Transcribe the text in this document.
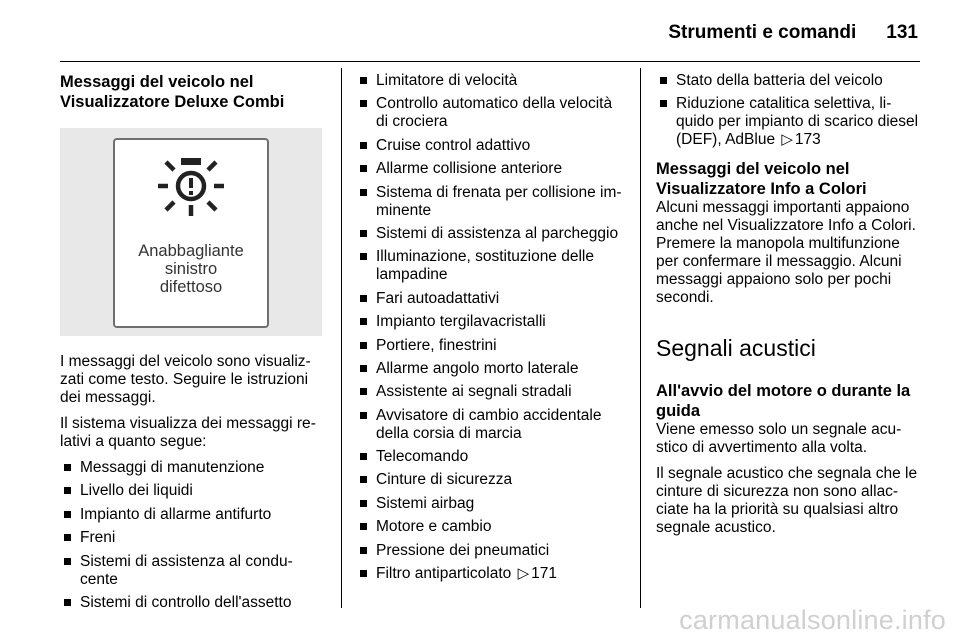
Strumenti e comandi 131
Messaggi del veicolo nel
Visualizzatore Deluxe Combi
Anabbagliante
sinistro
difettoso

I messaggi del veicolo sono visualizzati come testo. Seguire le istruzioni dei messaggi.

Il sistema visualizza dei messaggi relativi a quanto segue:

Messaggi di manutenzione
Livello dei liquidi
Impianto di allarme antifurto
Freni
Sistemi di assistenza al condu-cente
Sistemi di controllo dell'assetto
Limitatore di velocità
Controllo automatico della velocità di crociera
Cruise control adattivo
Allarme collisione anteriore
Sistema di frenata per collisione im-minente
Sistemi di assistenza al parcheggio
Illuminazione, sostituzione delle lampadine
Fari autoadattativi
Impianto tergilavacristalli
Portiere, finestrini
Allarme angolo morto laterale
Assistente ai segnali stradali
Avvisatore di cambio accidentale della corsia di marcia
Telecomando
Cinture di sicurezza
Sistemi airbag
Motore e cambio
Pressione dei pneumatici
Filtro antiparticolato ▷ 171
Stato della batteria del veicolo
Riduzione catalitica selettiva, li-quido per impianto di scarico diesel (DEF), AdBlue ▷ 173
Messaggi del veicolo nel
Visualizzatore Info a Colori

Alcuni messaggi importanti appaiono anche nel Visualizzatore Info a Colori. Premere la manopola multifunzione per confermare il messaggio. Alcuni messaggi appaiono solo per pochi secondi.

Segnali acustici
All'avvio del motore o durante la guida

Viene emesso solo un segnale acu-stico di avvertimento alla volta.

Il segnale acustico che segnala che le cinture di sicurezza non sono allac-ciate ha la priorità su qualsiasi altro segnale acustico.

carmanualsonline.info
